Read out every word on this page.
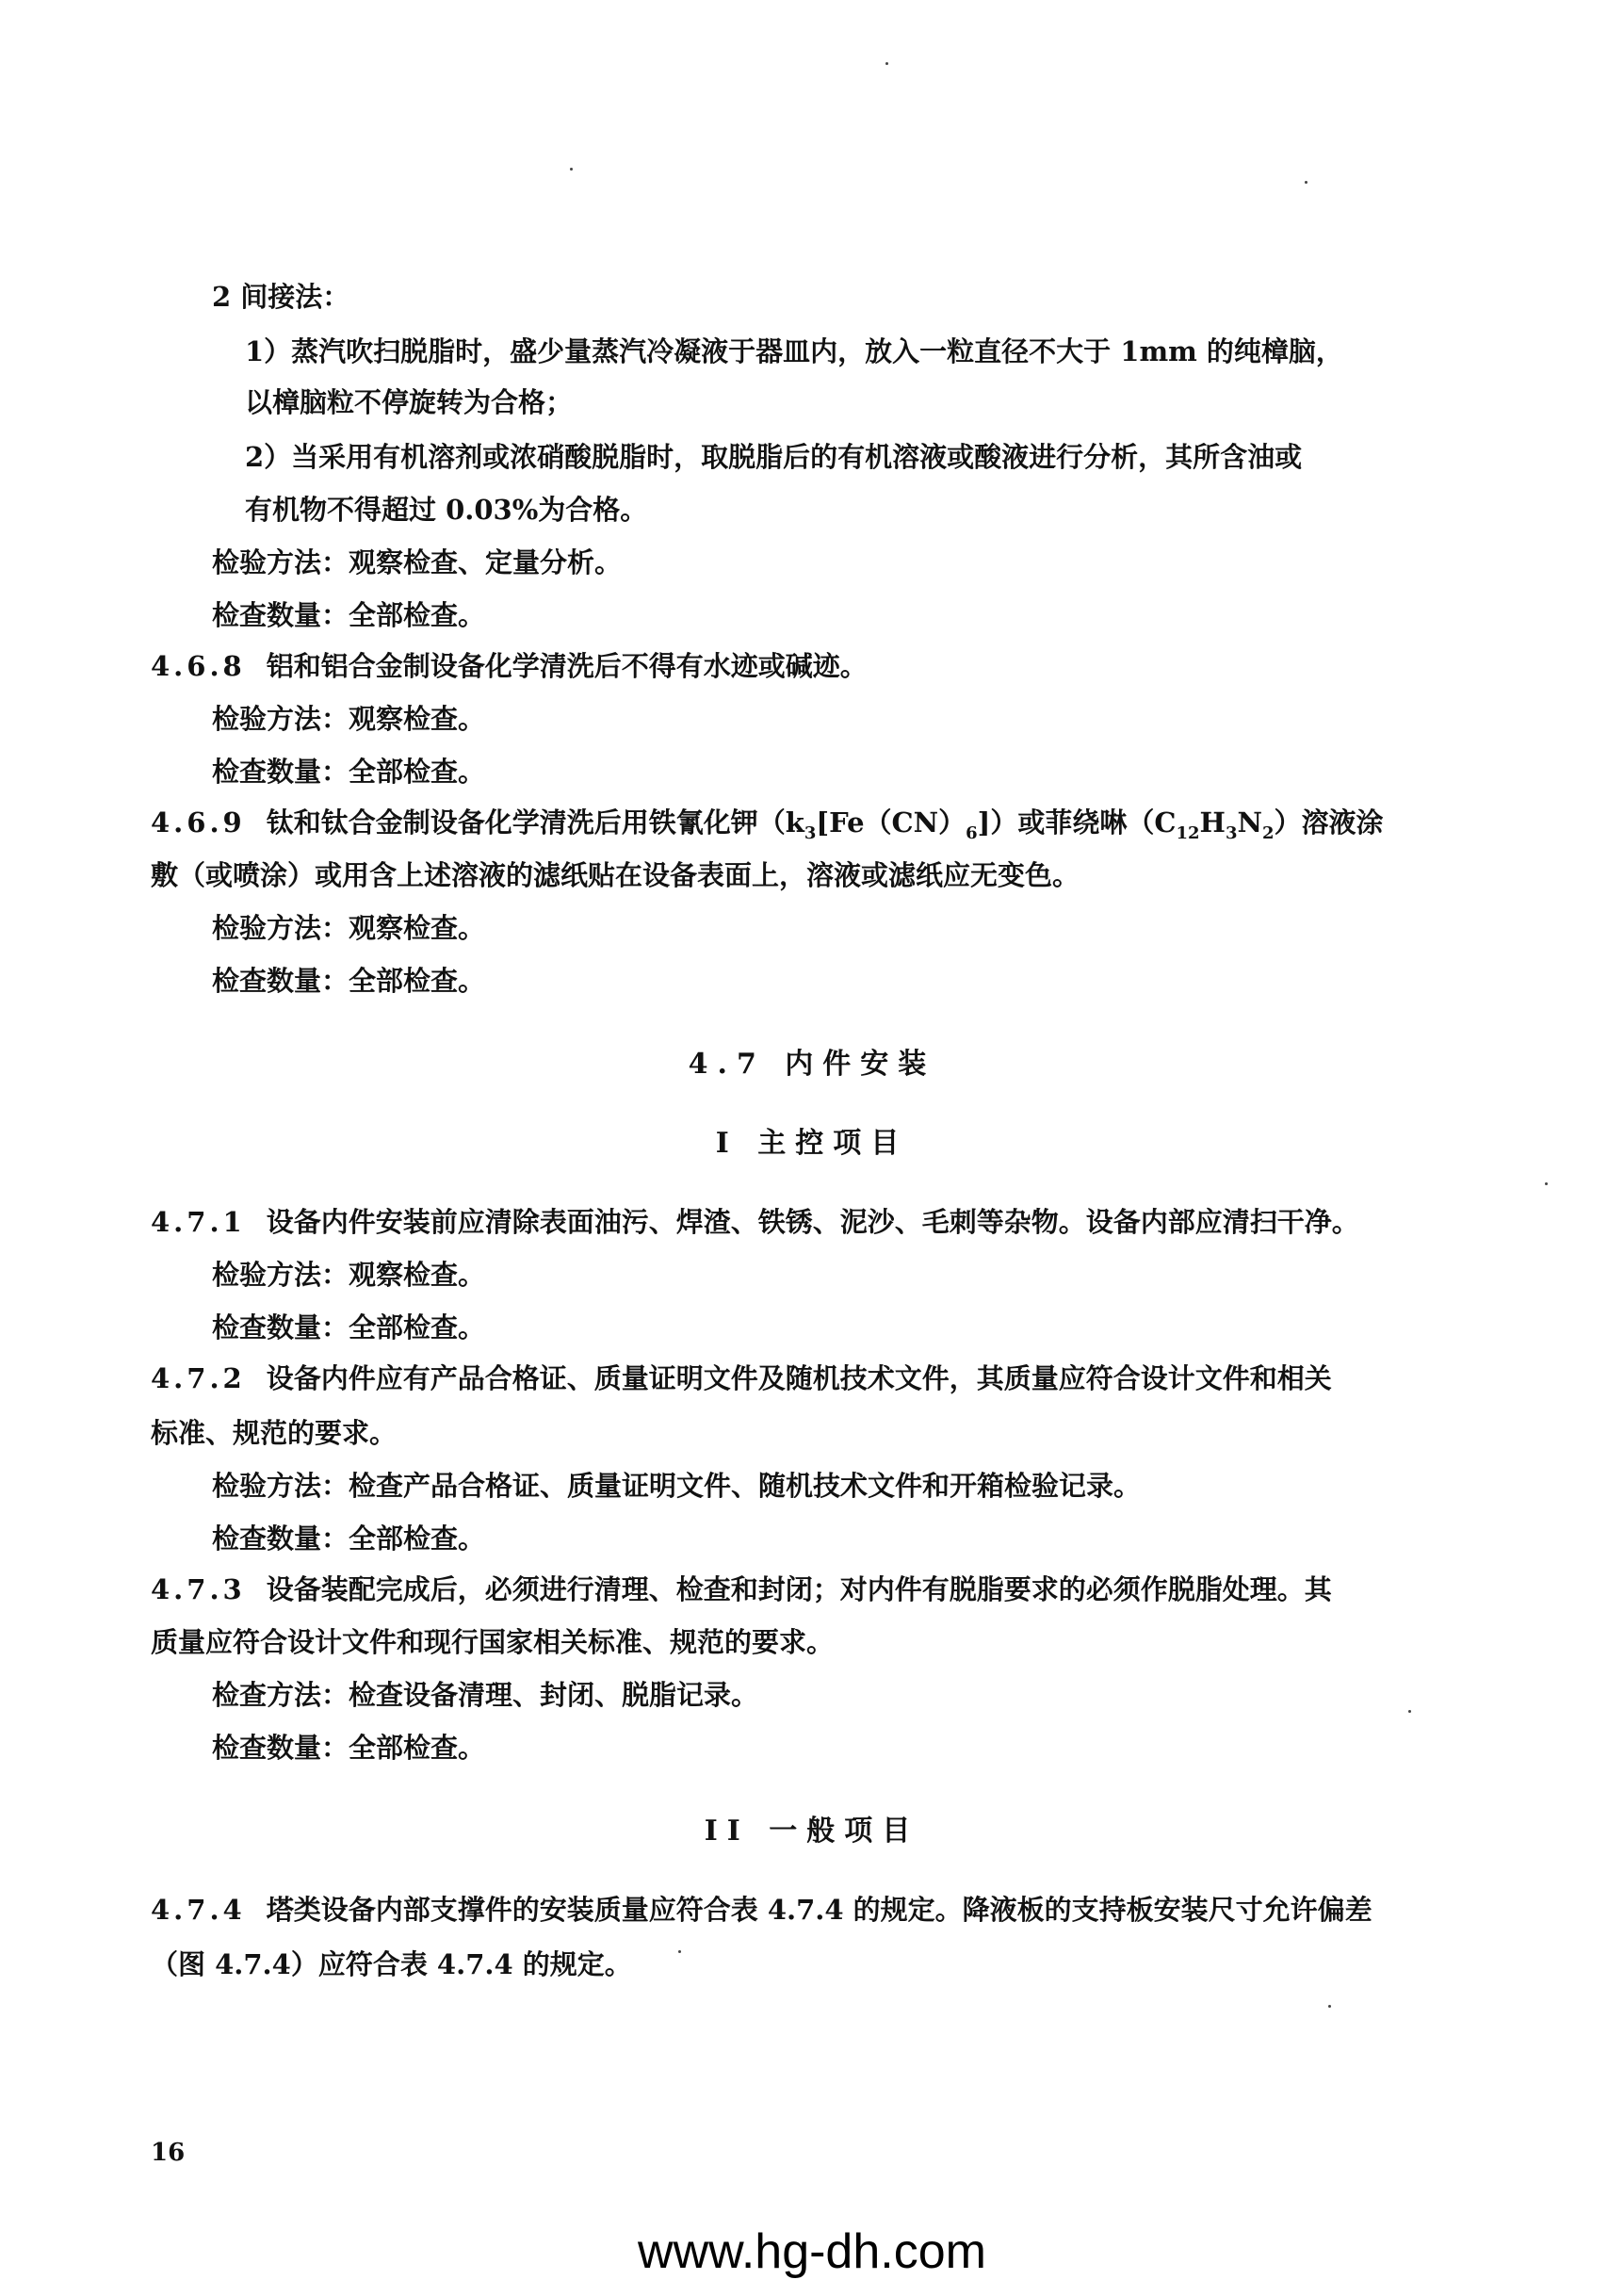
2 间接法：
1）蒸汽吹扫脱脂时，盛少量蒸汽冷凝液于器皿内，放入一粒直径不大于 1mm 的纯樟脑，
以樟脑粒不停旋转为合格；
2）当采用有机溶剂或浓硝酸脱脂时，取脱脂后的有机溶液或酸液进行分析，其所含油或
有机物不得超过 0.03%为合格。
检验方法：观察检查、定量分析。
检查数量：全部检查。
4.6.8 铝和铝合金制设备化学清洗后不得有水迹或碱迹。
检验方法：观察检查。
检查数量：全部检查。
4.6.9 钛和钛合金制设备化学清洗后用铁氰化钾$(k_3[Fe(CN)_6])$或菲绕啉$(C_{12}H_3N_2)$溶液涂
敷（或喷涂）或用含上述溶液的滤纸贴在设备表面上，溶液或滤纸应无变色。
检验方法：观察检查。
检查数量：全部检查。
4.7 内件安装
I 主控项目
4.7.1 设备内件安装前应清除表面油污、焊渣、铁锈、泥沙、毛刺等杂物。设备内部应清扫干净。
检验方法：观察检查。
检查数量：全部检查。
4.7.2 设备内件应有产品合格证、质量证明文件及随机技术文件，其质量应符合设计文件和相关
标准、规范的要求。
检验方法：检查产品合格证、质量证明文件、随机技术文件和开箱检验记录。
检查数量：全部检查。
4.7.3 设备装配完成后，必须进行清理、检查和封闭；对内件有脱脂要求的必须作脱脂处理。其
质量应符合设计文件和现行国家相关标准、规范的要求。
检查方法：检查设备清理、封闭、脱脂记录。
检查数量：全部检查。
II 一般项目
4.7.4 塔类设备内部支撑件的安装质量应符合表 4.7.4 的规定。降液板的支持板安装尺寸允许偏差
（图 4.7.4）应符合表 4.7.4 的规定。
16
www.hg-dh.com
